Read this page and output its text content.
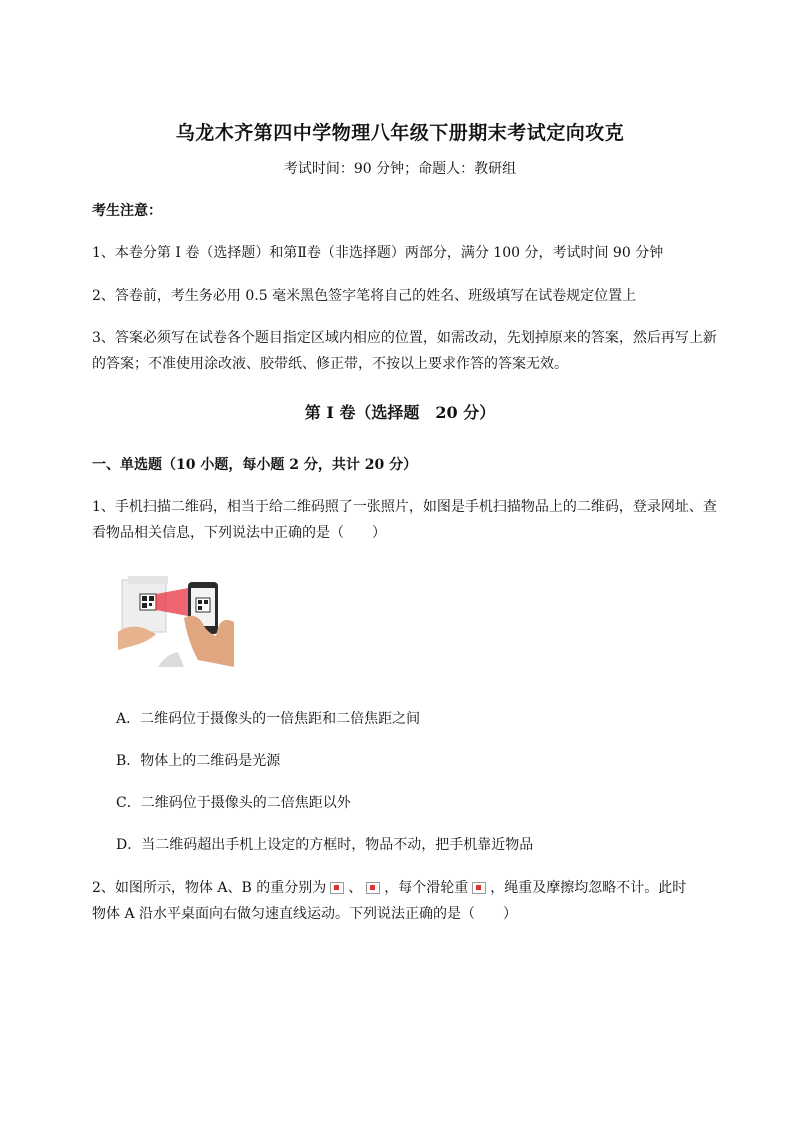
乌龙木齐第四中学物理八年级下册期末考试定向攻克
考试时间：90 分钟；命题人：教研组
考生注意：
1、本卷分第 I 卷（选择题）和第Ⅱ卷（非选择题）两部分，满分 100 分，考试时间 90 分钟
2、答卷前，考生务必用 0.5 毫米黑色签字笔将自己的姓名、班级填写在试卷规定位置上
3、答案必须写在试卷各个题目指定区域内相应的位置，如需改动，先划掉原来的答案，然后再写上新的答案；不准使用涂改液、胶带纸、修正带，不按以上要求作答的答案无效。
第 I 卷（选择题　20 分）
一、单选题（10 小题，每小题 2 分，共计 20 分）
1、手机扫描二维码，相当于给二维码照了一张照片，如图是手机扫描物品上的二维码，登录网址、查看物品相关信息，下列说法中正确的是（　　）
A．二维码位于摄像头的一倍焦距和二倍焦距之间
B．物体上的二维码是光源
C．二维码位于摄像头的二倍焦距以外
D．当二维码超出手机上设定的方框时，物品不动，把手机靠近物品
2、如图所示，物体 A、B 的重分别为 、 ，每个滑轮重 ，绳重及摩擦均忽略不计。此时
物体 A 沿水平桌面向右做匀速直线运动。下列说法正确的是（　　）
